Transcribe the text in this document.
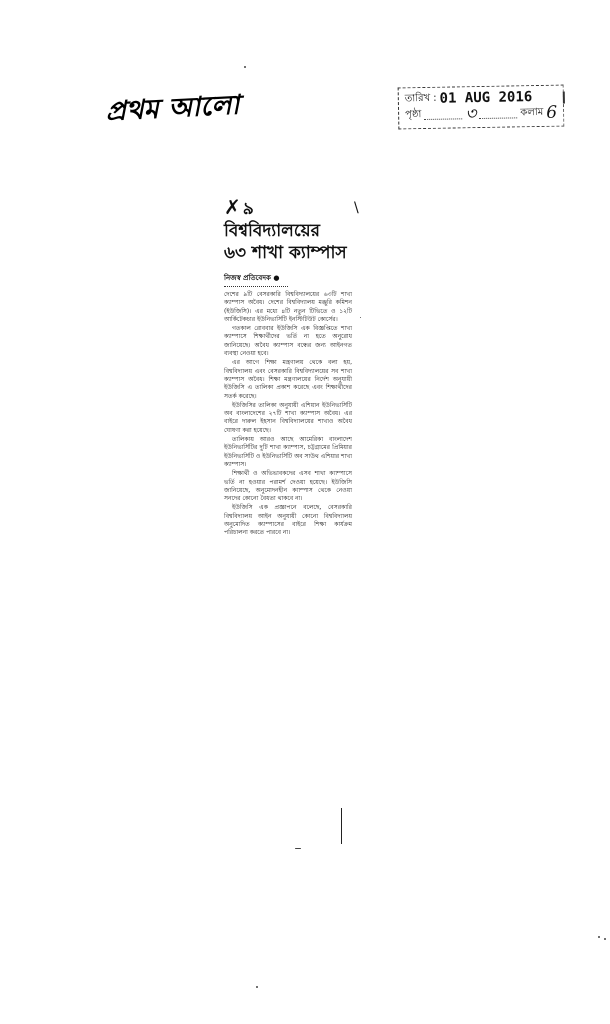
প্রথম আলো	তারিখ : 01 AUG 2016
পৃষ্ঠা	৩	কলাম 6
✗ ৯ বিশ্ববিদ্যালয়ের
৬৩ শাখা ক্যাম্পাস
\
নিজস্ব প্রতিবেদক ●

দেশের ৯টি বেসরকারি বিশ্ববিদ্যালয়ের ৬৩টি শাখা ক্যাম্পাস অবৈধ। দেশের বিশ্ববিদ্যালয় মঞ্জুরি কমিশন (ইউজিসি)। এর মধ্যে ৪টি নতুন টিভিতে ও ১২টি আর্কিটেকচার ইউনিভার্সিটি ইনস্টিটিউট কোর্সের।

গতকাল রোববার ইউজিসি এক বিজ্ঞপ্তিতে শাখা ক্যাম্পাসে শিক্ষার্থীদের ভর্তি না হতে অনুরোধ জানিয়েছে। অবৈধ ক্যাম্পাস বন্ধের জন্য আইনগত ব্যবস্থা নেওয়া হবে।

এর আগে শিক্ষা মন্ত্রণালয় থেকে বলা হয়, বিশ্ববিদ্যালয় এবং বেসরকারি বিশ্ববিদ্যালয়ের সব শাখা ক্যাম্পাস অবৈধ। শিক্ষা মন্ত্রণালয়ের নির্দেশ অনুযায়ী ইউজিসি এ তালিকা প্রকাশ করেছে এবং শিক্ষার্থীদের সতর্ক করেছে।

ইউজিসির তালিকা অনুযায়ী এশিয়ান ইউনিভার্সিটি অব বাংলাদেশের ২৭টি শাখা ক্যাম্পাস অবৈধ। এর বাইরে দারুল ইহসান বিশ্ববিদ্যালয়ের শাখাও অবৈধ ঘোষণা করা হয়েছে।

তালিকায় আরও আছে আমেরিকা বাংলাদেশ ইউনিভার্সিটির দুটি শাখা ক্যাম্পাস, চট্টগ্রামের প্রিমিয়ার ইউনিভার্সিটি ও ইউনিভার্সিটি অব সাউথ এশিয়ার শাখা ক্যাম্পাস।

শিক্ষার্থী ও অভিভাবকদের এসব শাখা ক্যাম্পাসে ভর্তি না হওয়ার পরামর্শ দেওয়া হয়েছে। ইউজিসি জানিয়েছে, অনুমোদনহীন ক্যাম্পাস থেকে নেওয়া সনদের কোনো বৈধতা থাকবে না।

ইউজিসি এক প্রজ্ঞাপনে বলেছে, বেসরকারি বিশ্ববিদ্যালয় আইন অনুযায়ী কোনো বিশ্ববিদ্যালয় অনুমোদিত ক্যাম্পাসের বাইরে শিক্ষা কার্যক্রম পরিচালনা করতে পারবে না।
